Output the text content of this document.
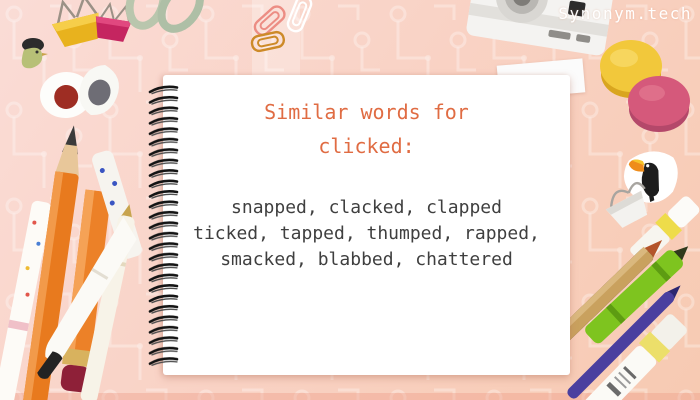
Similar words for
clicked:
snapped, clacked, clapped
ticked, tapped, thumped, rapped,
smacked, blabbed, chattered
Synonym.tech
